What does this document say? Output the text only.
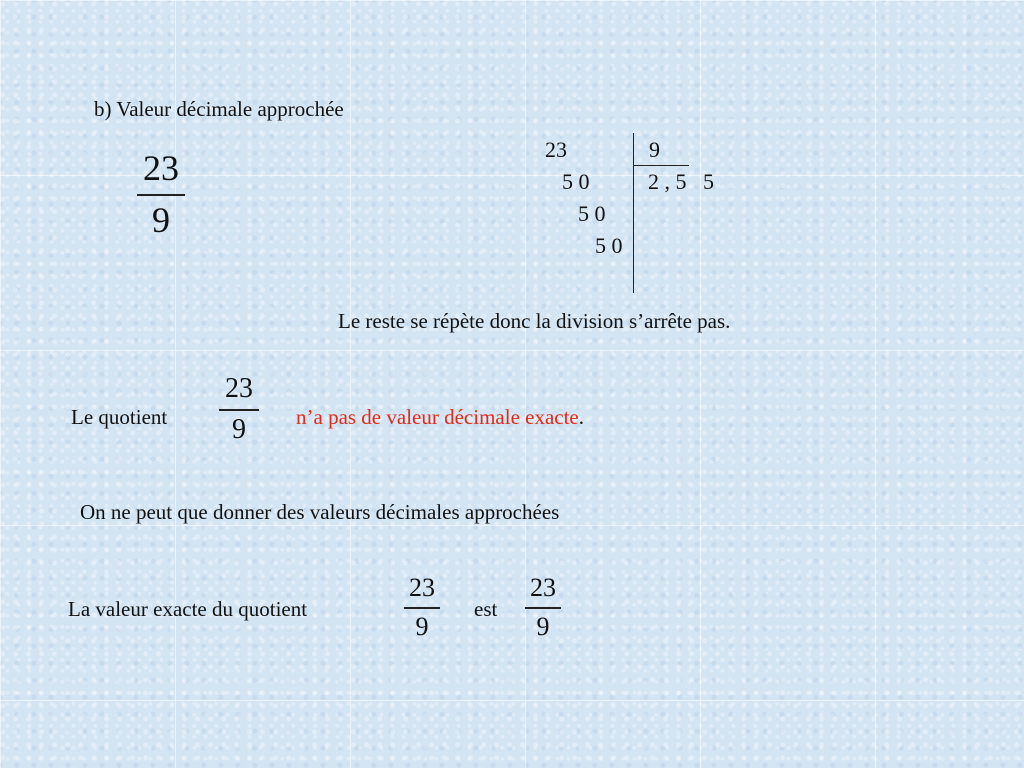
b) Valeur décimale approchée
23
9
23
5 0
5 0
5 0
9
2 , 5   5
Le reste se répète donc la division s’arrête pas.
Le quotient
23
9 n’a pas de valeur décimale exacte.
On ne peut que donner des valeurs décimales approchées
La valeur exacte du quotient
23
9
est
23
9
